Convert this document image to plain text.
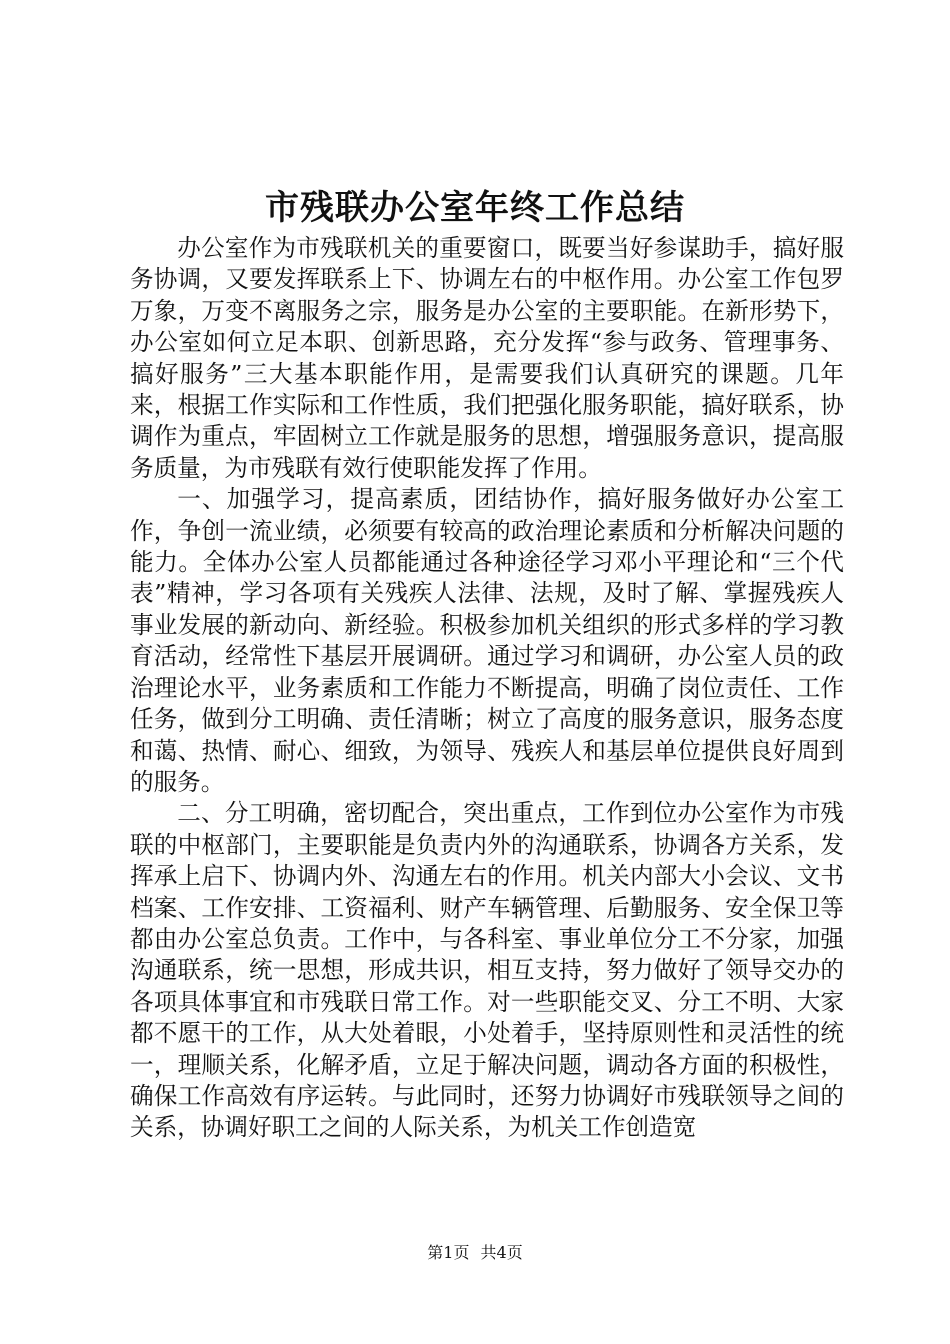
市残联办公室年终工作总结

办公室作为市残联机关的重要窗口，既要当好参谋助手，搞好服务协调，又要发挥联系上下、协调左右的中枢作用。办公室工作包罗万象，万变不离服务之宗，服务是办公室的主要职能。在新形势下，办公室如何立足本职、创新思路，充分发挥“参与政务、管理事务、搞好服务”三大基本职能作用，是需要我们认真研究的课题。几年来，根据工作实际和工作性质，我们把强化服务职能，搞好联系，协调作为重点，牢固树立工作就是服务的思想，增强服务意识，提高服务质量，为市残联有效行使职能发挥了作用。

一、加强学习，提高素质，团结协作，搞好服务做好办公室工作，争创一流业绩，必须要有较高的政治理论素质和分析解决问题的能力。全体办公室人员都能通过各种途径学习邓小平理论和“三个代表”精神，学习各项有关残疾人法律、法规，及时了解、掌握残疾人事业发展的新动向、新经验。积极参加机关组织的形式多样的学习教育活动，经常性下基层开展调研。通过学习和调研，办公室人员的政治理论水平，业务素质和工作能力不断提高，明确了岗位责任、工作任务，做到分工明确、责任清晰；树立了高度的服务意识，服务态度和蔼、热情、耐心、细致，为领导、残疾人和基层单位提供良好周到的服务。

二、分工明确，密切配合，突出重点，工作到位办公室作为市残联的中枢部门，主要职能是负责内外的沟通联系，协调各方关系，发挥承上启下、协调内外、沟通左右的作用。机关内部大小会议、文书档案、工作安排、工资福利、财产车辆管理、后勤服务、安全保卫等都由办公室总负责。工作中，与各科室、事业单位分工不分家，加强沟通联系，统一思想，形成共识，相互支持，努力做好了领导交办的各项具体事宜和市残联日常工作。对一些职能交叉、分工不明、大家都不愿干的工作，从大处着眼，小处着手，坚持原则性和灵活性的统一，理顺关系，化解矛盾，立足于解决问题，调动各方面的积极性，确保工作高效有序运转。与此同时，还努力协调好市残联领导之间的关系，协调好职工之间的人际关系，为机关工作创造宽

第1页 共4页
